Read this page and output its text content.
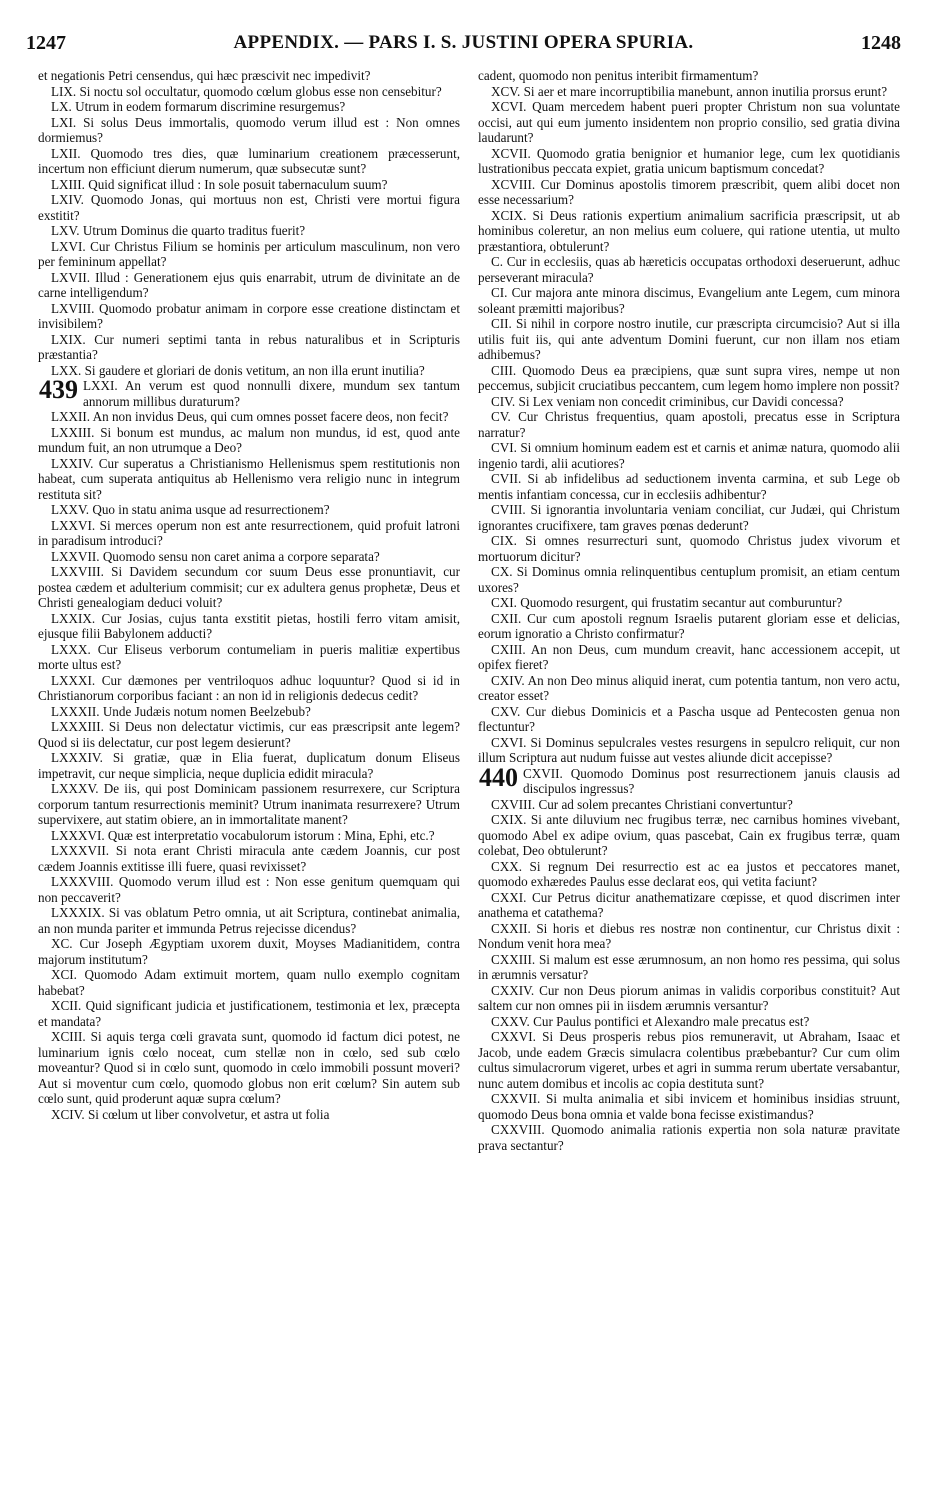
1247	APPENDIX. — PARS I. S. JUSTINI OPERA SPURIA.	1248

et negationis Petri censendus, qui hæc præscivit nec impedivit?

LIX. Si noctu sol occultatur, quomodo cœlum globus esse non censebitur?

LX. Utrum in eodem formarum discrimine resurgemus?

LXI. Si solus Deus immortalis, quomodo verum illud est : Non omnes dormiemus?

LXII. Quomodo tres dies, quæ luminarium creationem præcesserunt, incertum non efficiunt dierum numerum, quæ subsecutæ sunt?

LXIII. Quid significat illud : In sole posuit tabernaculum suum?

LXIV. Quomodo Jonas, qui mortuus non est, Christi vere mortui figura exstitit?

LXV. Utrum Dominus die quarto traditus fuerit?

LXVI. Cur Christus Filium se hominis per articulum masculinum, non vero per femininum appellat?

LXVII. Illud : Generationem ejus quis enarrabit, utrum de divinitate an de carne intelligendum?

LXVIII. Quomodo probatur animam in corpore esse creatione distinctam et invisibilem?

LXIX. Cur numeri septimi tanta in rebus naturalibus et in Scripturis præstantia?

LXX. Si gaudere et gloriari de donis vetitum, an non illa erunt inutilia?

439 LXXI. An verum est quod nonnulli dixere, mundum sex tantum annorum millibus duraturum?

LXXII. An non invidus Deus, qui cum omnes posset facere deos, non fecit?

LXXIII. Si bonum est mundus, ac malum non mundus, id est, quod ante mundum fuit, an non utrumque a Deo?

LXXIV. Cur superatus a Christianismo Hellenismus spem restitutionis non habeat, cum superata antiquitus ab Hellenismo vera religio nunc in integrum restituta sit?

LXXV. Quo in statu anima usque ad resurrectionem?

LXXVI. Si merces operum non est ante resurrectionem, quid profuit latroni in paradisum introduci?

LXXVII. Quomodo sensu non caret anima a corpore separata?

LXXVIII. Si Davidem secundum cor suum Deus esse pronuntiavit, cur postea cædem et adulterium commisit; cur ex adultera genus prophetæ, Deus et Christi genealogiam deduci voluit?

LXXIX. Cur Josias, cujus tanta exstitit pietas, hostili ferro vitam amisit, ejusque filii Babylonem adducti?

LXXX. Cur Eliseus verborum contumeliam in pueris malitiæ expertibus morte ultus est?

LXXXI. Cur dæmones per ventriloquos adhuc loquuntur? Quod si id in Christianorum corporibus faciant : an non id in religionis dedecus cedit?

LXXXII. Unde Judæis notum nomen Beelzebub?

LXXXIII. Si Deus non delectatur victimis, cur eas præscripsit ante legem? Quod si iis delectatur, cur post legem desierunt?

LXXXIV. Si gratiæ, quæ in Elia fuerat, duplicatum donum Eliseus impetravit, cur neque simplicia, neque duplicia edidit miracula?

LXXXV. De iis, qui post Dominicam passionem resurrexere, cur Scriptura corporum tantum resurrectionis meminit? Utrum inanimata resurrexere? Utrum supervixere, aut statim obiere, an in immortalitate manent?

LXXXVI. Quæ est interpretatio vocabulorum istorum : Mina, Ephi, etc.?

LXXXVII. Si nota erant Christi miracula ante cædem Joannis, cur post cædem Joannis extitisse illi fuere, quasi revixisset?

LXXXVIII. Quomodo verum illud est : Non esse genitum quemquam qui non peccaverit?

LXXXIX. Si vas oblatum Petro omnia, ut ait Scriptura, continebat animalia, an non munda pariter et immunda Petrus rejecisse dicendus?

XC. Cur Joseph Ægyptiam uxorem duxit, Moyses Madianitidem, contra majorum institutum?

XCI. Quomodo Adam extimuit mortem, quam nullo exemplo cognitam habebat?

XCII. Quid significant judicia et justificationem, testimonia et lex, præcepta et mandata?

XCIII. Si aquis terga cœli gravata sunt, quomodo id factum dici potest, ne luminarium ignis cœlo noceat, cum stellæ non in cœlo, sed sub cœlo moveantur? Quod si in cœlo sunt, quomodo in cœlo immobili possunt moveri? Aut si moventur cum cœlo, quomodo globus non erit cœlum? Sin autem sub cœlo sunt, quid proderunt aquæ supra cœlum?

XCIV. Si cœlum ut liber convolvetur, et astra ut folia

cadent, quomodo non penitus interibit firmamentum?

XCV. Si aer et mare incorruptibilia manebunt, annon inutilia prorsus erunt?

XCVI. Quam mercedem habent pueri propter Christum non sua voluntate occisi, aut qui eum jumento insidentem non proprio consilio, sed gratia divina laudarunt?

XCVII. Quomodo gratia benignior et humanior lege, cum lex quotidianis lustrationibus peccata expiet, gratia unicum baptismum concedat?

XCVIII. Cur Dominus apostolis timorem præscribit, quem alibi docet non esse necessarium?

XCIX. Si Deus rationis expertium animalium sacrificia præscripsit, ut ab hominibus coleretur, an non melius eum coluere, qui ratione utentia, ut multo præstantiora, obtulerunt?

C. Cur in ecclesiis, quas ab hæreticis occupatas orthodoxi deseruerunt, adhuc perseverant miracula?

CI. Cur majora ante minora discimus, Evangelium ante Legem, cum minora soleant præmitti majoribus?

CII. Si nihil in corpore nostro inutile, cur præscripta circumcisio? Aut si illa utilis fuit iis, qui ante adventum Domini fuerunt, cur non illam nos etiam adhibemus?

CIII. Quomodo Deus ea præcipiens, quæ sunt supra vires, nempe ut non peccemus, subjicit cruciatibus peccantem, cum legem homo implere non possit?

CIV. Si Lex veniam non concedit criminibus, cur Davidi concessa?

CV. Cur Christus frequentius, quam apostoli, precatus esse in Scriptura narratur?

CVI. Si omnium hominum eadem est et carnis et animæ natura, quomodo alii ingenio tardi, alii acutiores?

CVII. Si ab infidelibus ad seductionem inventa carmina, et sub Lege ob mentis infantiam concessa, cur in ecclesiis adhibentur?

CVIII. Si ignorantia involuntaria veniam conciliat, cur Judæi, qui Christum ignorantes crucifixere, tam graves pœnas dederunt?

CIX. Si omnes resurrecturi sunt, quomodo Christus judex vivorum et mortuorum dicitur?

CX. Si Dominus omnia relinquentibus centuplum promisit, an etiam centum uxores?

CXI. Quomodo resurgent, qui frustatim secantur aut comburuntur?

CXII. Cur cum apostoli regnum Israelis putarent gloriam esse et delicias, eorum ignoratio a Christo confirmatur?

CXIII. An non Deus, cum mundum creavit, hanc accessionem accepit, ut opifex fieret?

CXIV. An non Deo minus aliquid inerat, cum potentia tantum, non vero actu, creator esset?

CXV. Cur diebus Dominicis et a Pascha usque ad Pentecosten genua non flectuntur?

CXVI. Si Dominus sepulcrales vestes resurgens in sepulcro reliquit, cur non illum Scriptura aut nudum fuisse aut vestes aliunde dicit accepisse?

440 CXVII. Quomodo Dominus post resurrectionem januis clausis ad discipulos ingressus?

CXVIII. Cur ad solem precantes Christiani convertuntur?

CXIX. Si ante diluvium nec frugibus terræ, nec carnibus homines vivebant, quomodo Abel ex adipe ovium, quas pascebat, Cain ex frugibus terræ, quam colebat, Deo obtulerunt?

CXX. Si regnum Dei resurrectio est ac ea justos et peccatores manet, quomodo exhæredes Paulus esse declarat eos, qui vetita faciunt?

CXXI. Cur Petrus dicitur anathematizare cœpisse, et quod discrimen inter anathema et catathema?

CXXII. Si horis et diebus res nostræ non continentur, cur Christus dixit : Nondum venit hora mea?

CXXIII. Si malum est esse ærumnosum, an non homo res pessima, qui solus in ærumnis versatur?

CXXIV. Cur non Deus piorum animas in validis corporibus constituit? Aut saltem cur non omnes pii in iisdem ærumnis versantur?

CXXV. Cur Paulus pontifici et Alexandro male precatus est?

CXXVI. Si Deus prosperis rebus pios remuneravit, ut Abraham, Isaac et Jacob, unde eadem Græcis simulacra colentibus præbebantur? Cur cum olim cultus simulacrorum vigeret, urbes et agri in summa rerum ubertate versabantur, nunc autem domibus et incolis ac copia destituta sunt?

CXXVII. Si multa animalia et sibi invicem et hominibus insidias struunt, quomodo Deus bona omnia et valde bona fecisse existimandus?

CXXVIII. Quomodo animalia rationis expertia non sola naturæ pravitate prava sectantur?
